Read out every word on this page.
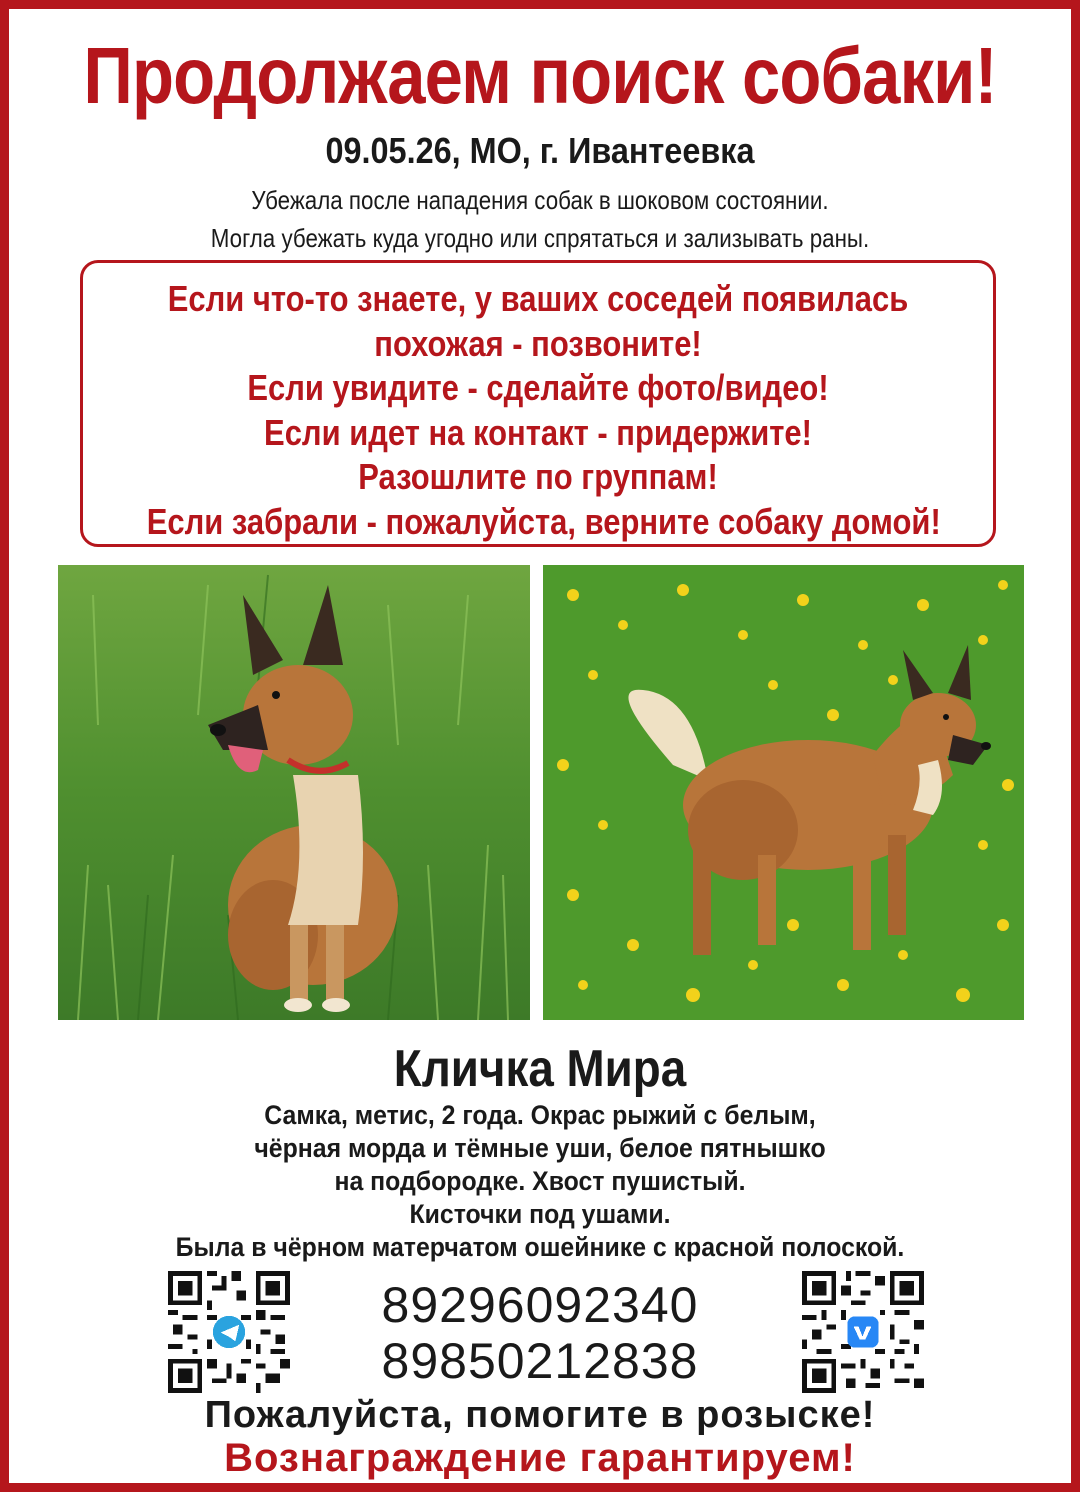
Продолжаем поиск собаки!
09.05.26, МО, г. Ивантеевка
Убежала после нападения собак в шоковом состоянии.
Могла убежать куда угодно или спрятаться и зализывать раны.
Если что-то знаете, у ваших соседей появилась
похожая - позвоните!
Если увидите - сделайте фото/видео!
Если идет на контакт - придержите!
Разошлите по группам!
Если забрали - пожалуйста, верните собаку домой!
Кличка Мира
Самка, метис, 2 года. Окрас рыжий с белым,
чёрная морда и тёмные уши, белое пятнышко
на подбородке. Хвост пушистый.
Кисточки под ушами.
Была в чёрном матерчатом ошейнике с красной полоской.
89296092340
89850212838
Пожалуйста, помогите в розыске!
Вознаграждение гарантируем!
